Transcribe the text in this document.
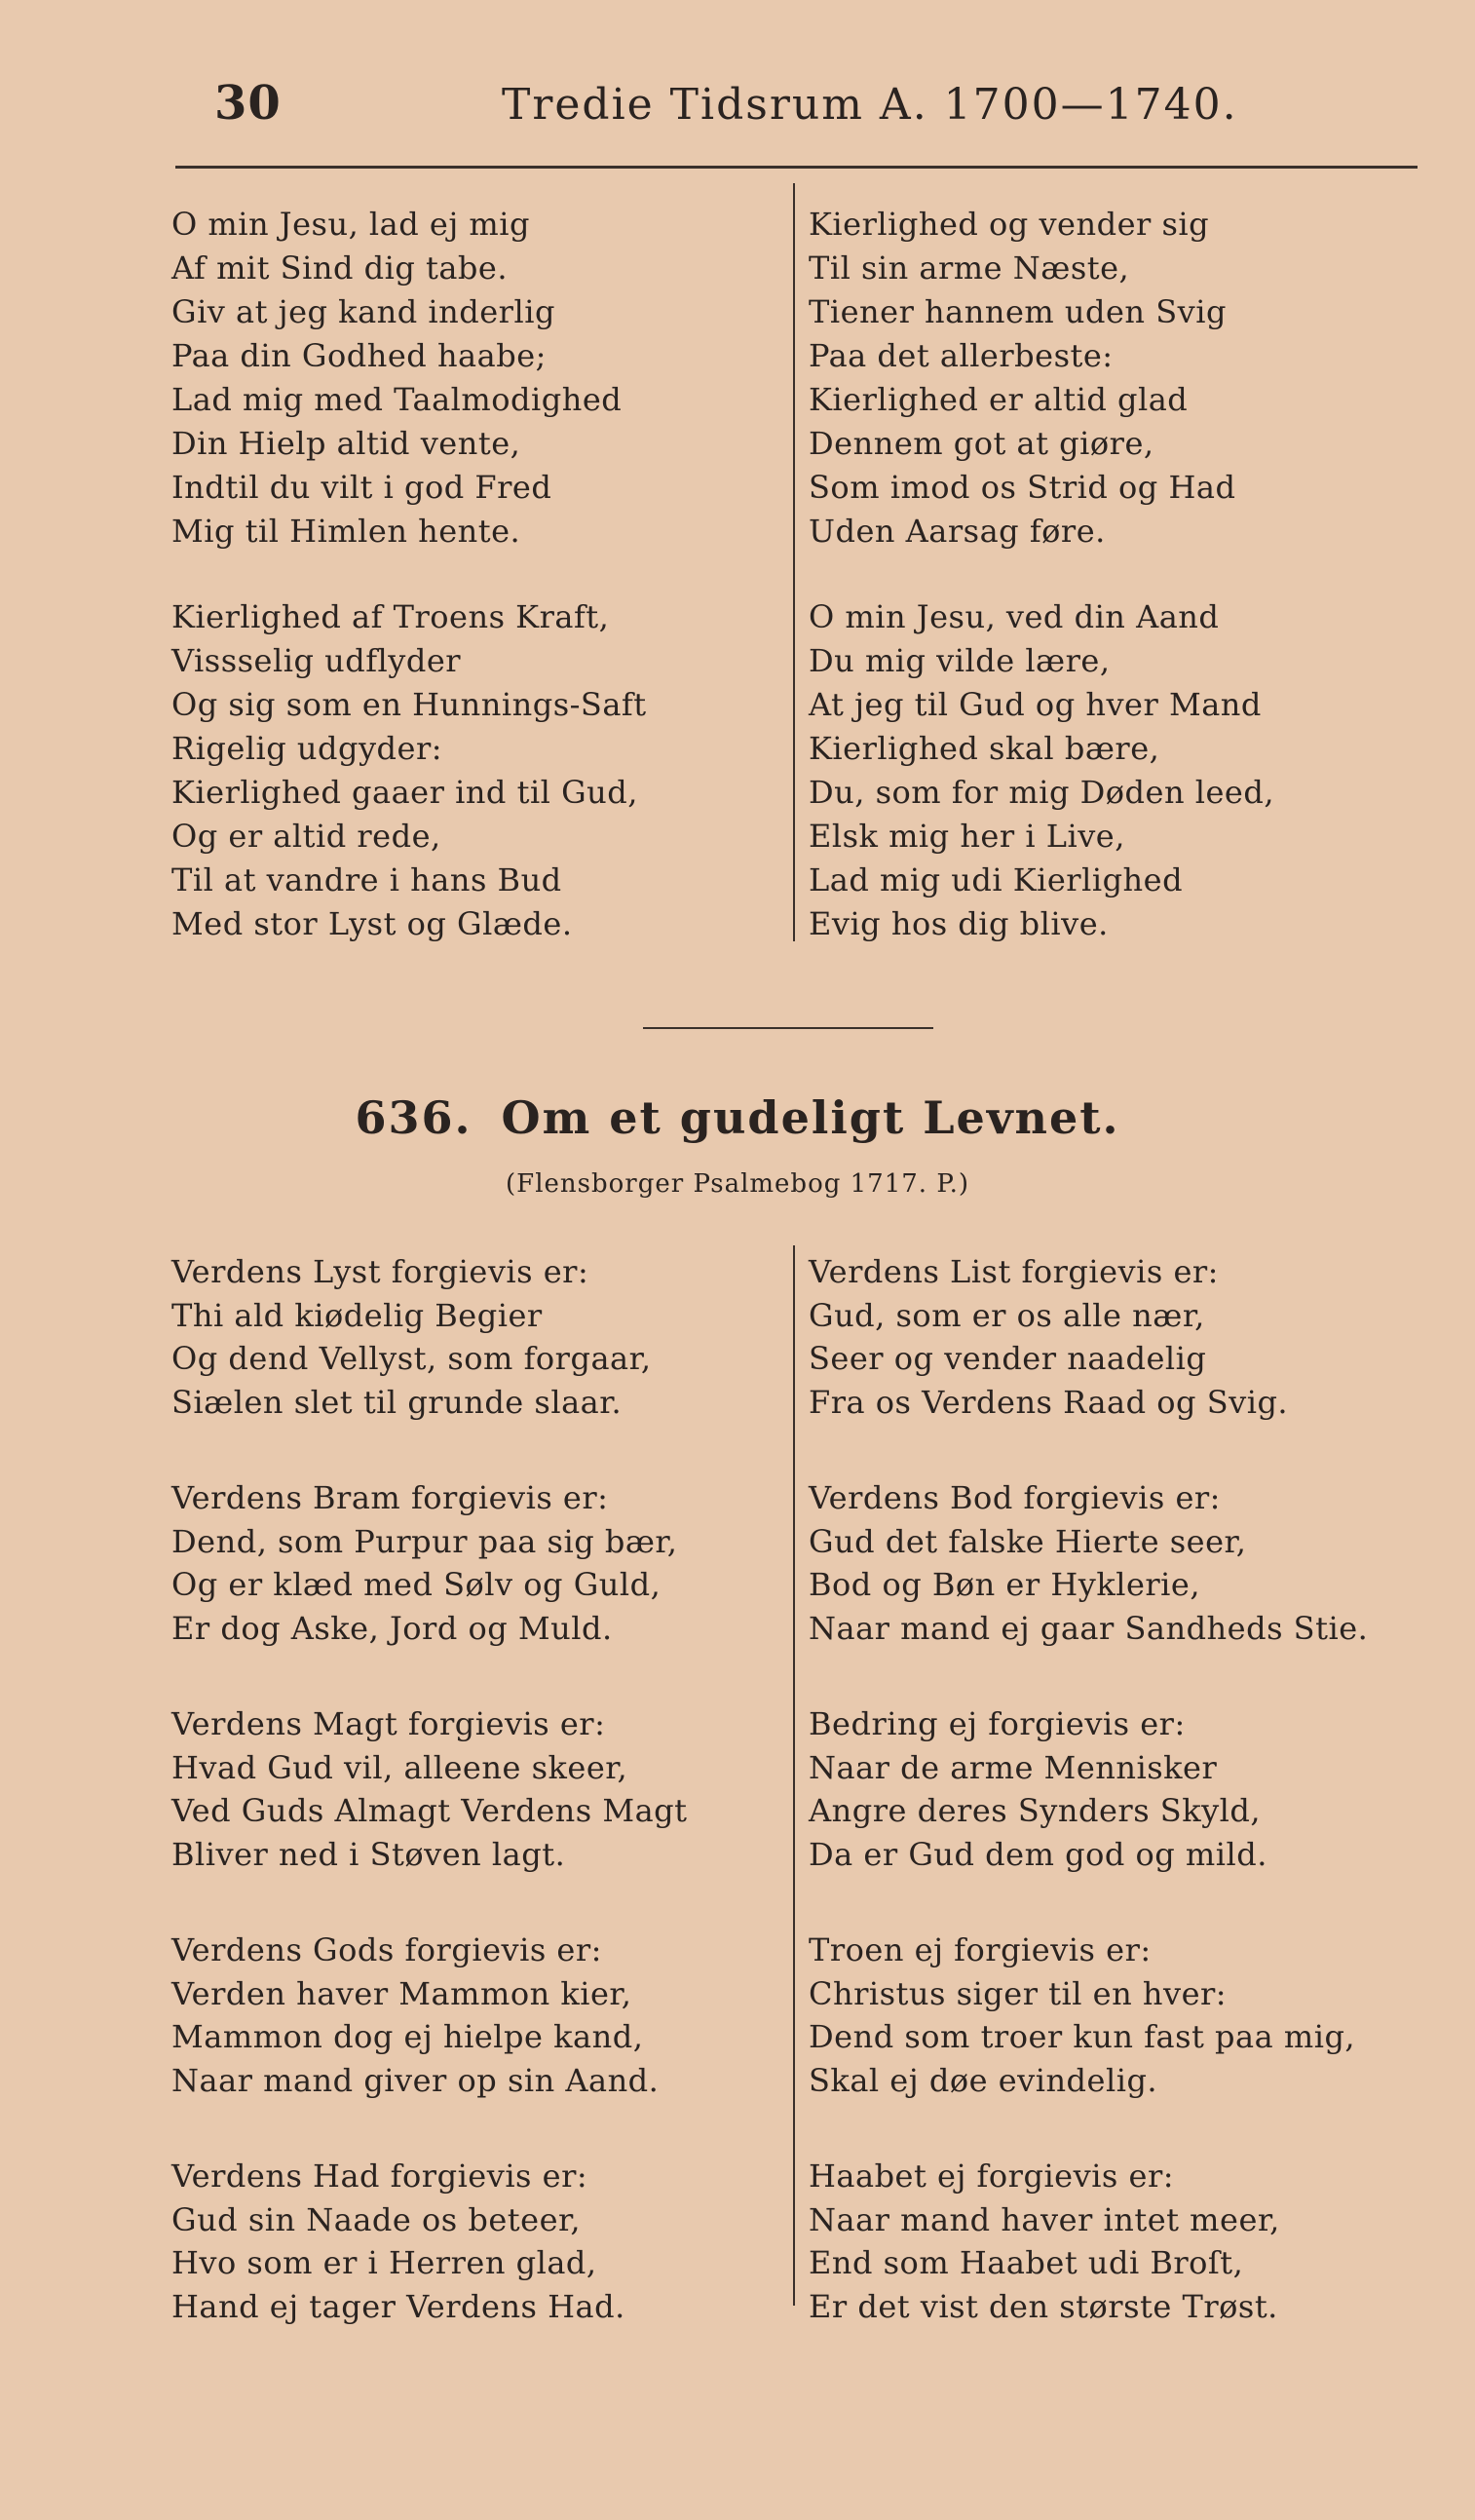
30	Tredie Tidsrum A. 1700—1740.
O min Jesu, lad ej mig
Af mit Sind dig tabe.
Giv at jeg kand inderlig
Paa din Godhed haabe;
Lad mig med Taalmodighed
Din Hielp altid vente,
Indtil du vilt i god Fred
Mig til Himlen hente.
Kierlighed af Troens Kraft,
Vissselig udflyder
Og sig som en Hunnings-Saft
Rigelig udgyder:
Kierlighed gaaer ind til Gud,
Og er altid rede,
Til at vandre i hans Bud
Med stor Lyst og Glæde.
Kierlighed og vender sig
Til sin arme Næste,
Tiener hannem uden Svig
Paa det allerbeste:
Kierlighed er altid glad
Dennem got at giøre,
Som imod os Strid og Had
Uden Aarsag føre.
O min Jesu, ved din Aand
Du mig vilde lære,
At jeg til Gud og hver Mand
Kierlighed skal bære,
Du, som for mig Døden leed,
Elsk mig her i Live,
Lad mig udi Kierlighed
Evig hos dig blive.
636. Om et gudeligt Levnet.
(Flensborger Psalmebog 1717. P.)
Verdens Lyst forgievis er:
Thi ald kiødelig Begier
Og dend Vellyst, som forgaar,
Siælen slet til grunde slaar.
Verdens Bram forgievis er:
Dend, som Purpur paa sig bær,
Og er klæd med Sølv og Guld,
Er dog Aske, Jord og Muld.
Verdens Magt forgievis er:
Hvad Gud vil, alleene skeer,
Ved Guds Almagt Verdens Magt
Bliver ned i Støven lagt.
Verdens Gods forgievis er:
Verden haver Mammon kier,
Mammon dog ej hielpe kand,
Naar mand giver op sin Aand.
Verdens Had forgievis er:
Gud sin Naade os beteer,
Hvo som er i Herren glad,
Hand ej tager Verdens Had.
Verdens List forgievis er:
Gud, som er os alle nær,
Seer og vender naadelig
Fra os Verdens Raad og Svig.
Verdens Bod forgievis er:
Gud det falske Hierte seer,
Bod og Bøn er Hyklerie,
Naar mand ej gaar Sandheds Stie.
Bedring ej forgievis er:
Naar de arme Mennisker
Angre deres Synders Skyld,
Da er Gud dem god og mild.
Troen ej forgievis er:
Christus siger til en hver:
Dend som troer kun fast paa mig,
Skal ej døe evindelig.
Haabet ej forgievis er:
Naar mand haver intet meer,
End som Haabet udi Broſt,
Er det vist den største Trøst.
